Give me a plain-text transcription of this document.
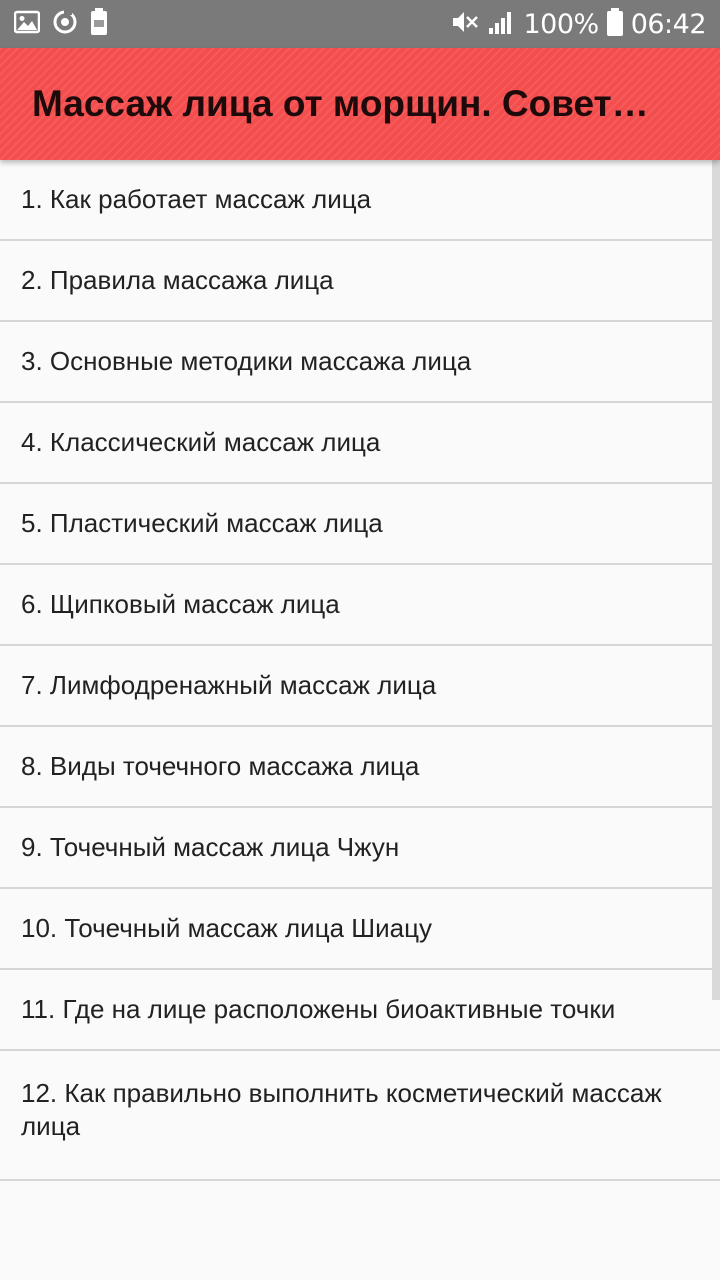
100% 06:42
Массаж лица от морщин. Совет…
1. Как работает массаж лица
2. Правила массажа лица
3. Основные методики массажа лица
4. Классический массаж лица
5. Пластический массаж лица
6. Щипковый массаж лица
7. Лимфодренажный массаж лица
8. Виды точечного массажа лица
9. Точечный массаж лица Чжун
10. Точечный массаж лица Шиацу
11. Где на лице расположены биоактивные точки
12. Как правильно выполнить косметический массаж лица
